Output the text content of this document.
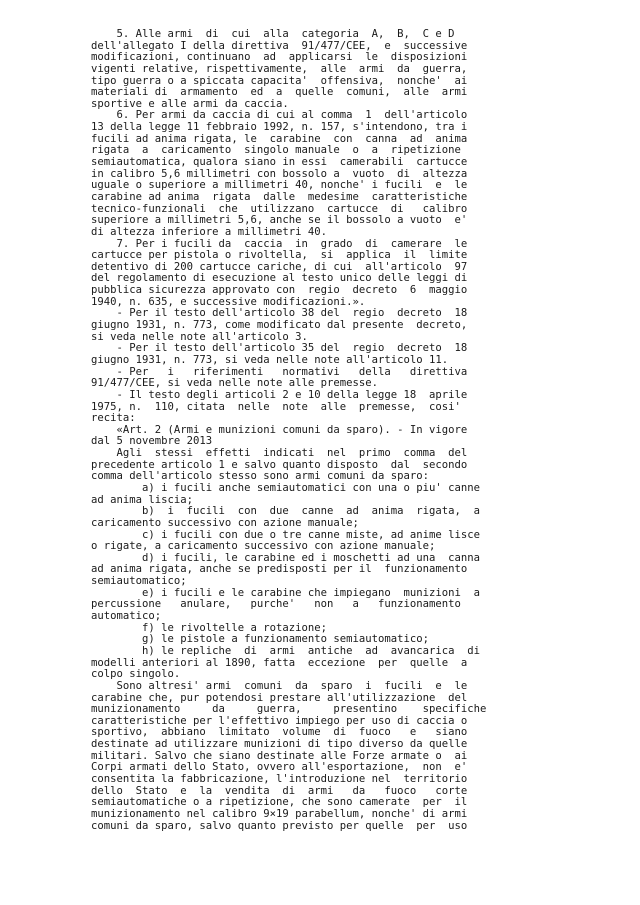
5. Alle armi  di  cui  alla  categoria  A,  B,  C e D
dell'allegato I della direttiva  91/477/CEE,  e  successive
modificazioni, continuano  ad  applicarsi  le  disposizioni
vigenti relative, rispettivamente,  alle  armi  da  guerra,
tipo guerra o a spiccata capacita'  offensiva,  nonche'  ai
materiali di  armamento  ed  a  quelle  comuni,  alle  armi
sportive e alle armi da caccia.
6. Per armi da caccia di cui al comma  1  dell'articolo
13 della legge 11 febbraio 1992, n. 157, s'intendono, tra i
fucili ad anima rigata, le  carabine  con  canna  ad  anima
rigata  a  caricamento  singolo manuale  o  a  ripetizione
semiautomatica, qualora siano in essi  camerabili  cartucce
in calibro 5,6 millimetri con bossolo a  vuoto  di  altezza
uguale o superiore a millimetri 40, nonche' i fucili  e  le
carabine ad anima  rigata  dalle  medesime  caratteristiche
tecnico-funzionali  che  utilizzano  cartucce  di   calibro
superiore a millimetri 5,6, anche se il bossolo a vuoto  e'
di altezza inferiore a millimetri 40.
7. Per i fucili da  caccia  in  grado  di  camerare  le
cartucce per pistola o rivoltella,  si  applica  il  limite
detentivo di 200 cartucce cariche, di cui  all'articolo  97
del regolamento di esecuzione al testo unico delle leggi di
pubblica sicurezza approvato con  regio  decreto  6  maggio
1940, n. 635, e successive modificazioni.».
- Per il testo dell'articolo 38 del  regio  decreto  18
giugno 1931, n. 773, come modificato dal presente  decreto,
si veda nelle note all'articolo 3.
- Per il testo dell'articolo 35 del  regio  decreto  18
giugno 1931, n. 773, si veda nelle note all'articolo 11.
- Per   i   riferimenti   normativi   della   direttiva
91/477/CEE, si veda nelle note alle premesse.
- Il testo degli articoli 2 e 10 della legge 18  aprile
1975, n.  110, citata  nelle  note  alle  premesse,  cosi'
recita:
«Art. 2 (Armi e munizioni comuni da sparo). - In vigore
dal 5 novembre 2013
Agli  stessi  effetti  indicati  nel  primo  comma  del
precedente articolo 1 e salvo quanto disposto  dal  secondo
comma dell'articolo stesso sono armi comuni da sparo:
a) i fucili anche semiautomatici con una o piu' canne
ad anima liscia;
b)  i  fucili  con  due  canne  ad  anima  rigata,  a
caricamento successivo con azione manuale;
c) i fucili con due o tre canne miste, ad anime lisce
o rigate, a caricamento successivo con azione manuale;
d) i fucili, le carabine ed i moschetti ad una  canna
ad anima rigata, anche se predisposti per il  funzionamento
semiautomatico;
e) i fucili e le carabine che impiegano  munizioni  a
percussione   anulare,   purche'   non   a   funzionamento
automatico;
f) le rivoltelle a rotazione;
g) le pistole a funzionamento semiautomatico;
h) le repliche  di  armi  antiche  ad  avancarica  di
modelli anteriori al 1890, fatta  eccezione  per  quelle  a
colpo singolo.
Sono altresi' armi  comuni  da  sparo  i  fucili  e  le
carabine che, pur potendosi prestare all'utilizzazione  del
munizionamento     da     guerra,     presentino    specifiche
caratteristiche per l'effettivo impiego per uso di caccia o
sportivo,  abbiano  limitato  volume  di  fuoco   e   siano
destinate ad utilizzare munizioni di tipo diverso da quelle
militari. Salvo che siano destinate alle Forze armate o  ai
Corpi armati dello Stato, ovvero all'esportazione,  non  e'
consentita la fabbricazione, l'introduzione nel  territorio
dello  Stato  e  la  vendita  di  armi   da   fuoco   corte
semiautomatiche o a ripetizione, che sono camerate  per  il
munizionamento nel calibro 9×19 parabellum, nonche' di armi
comuni da sparo, salvo quanto previsto per quelle  per  uso
